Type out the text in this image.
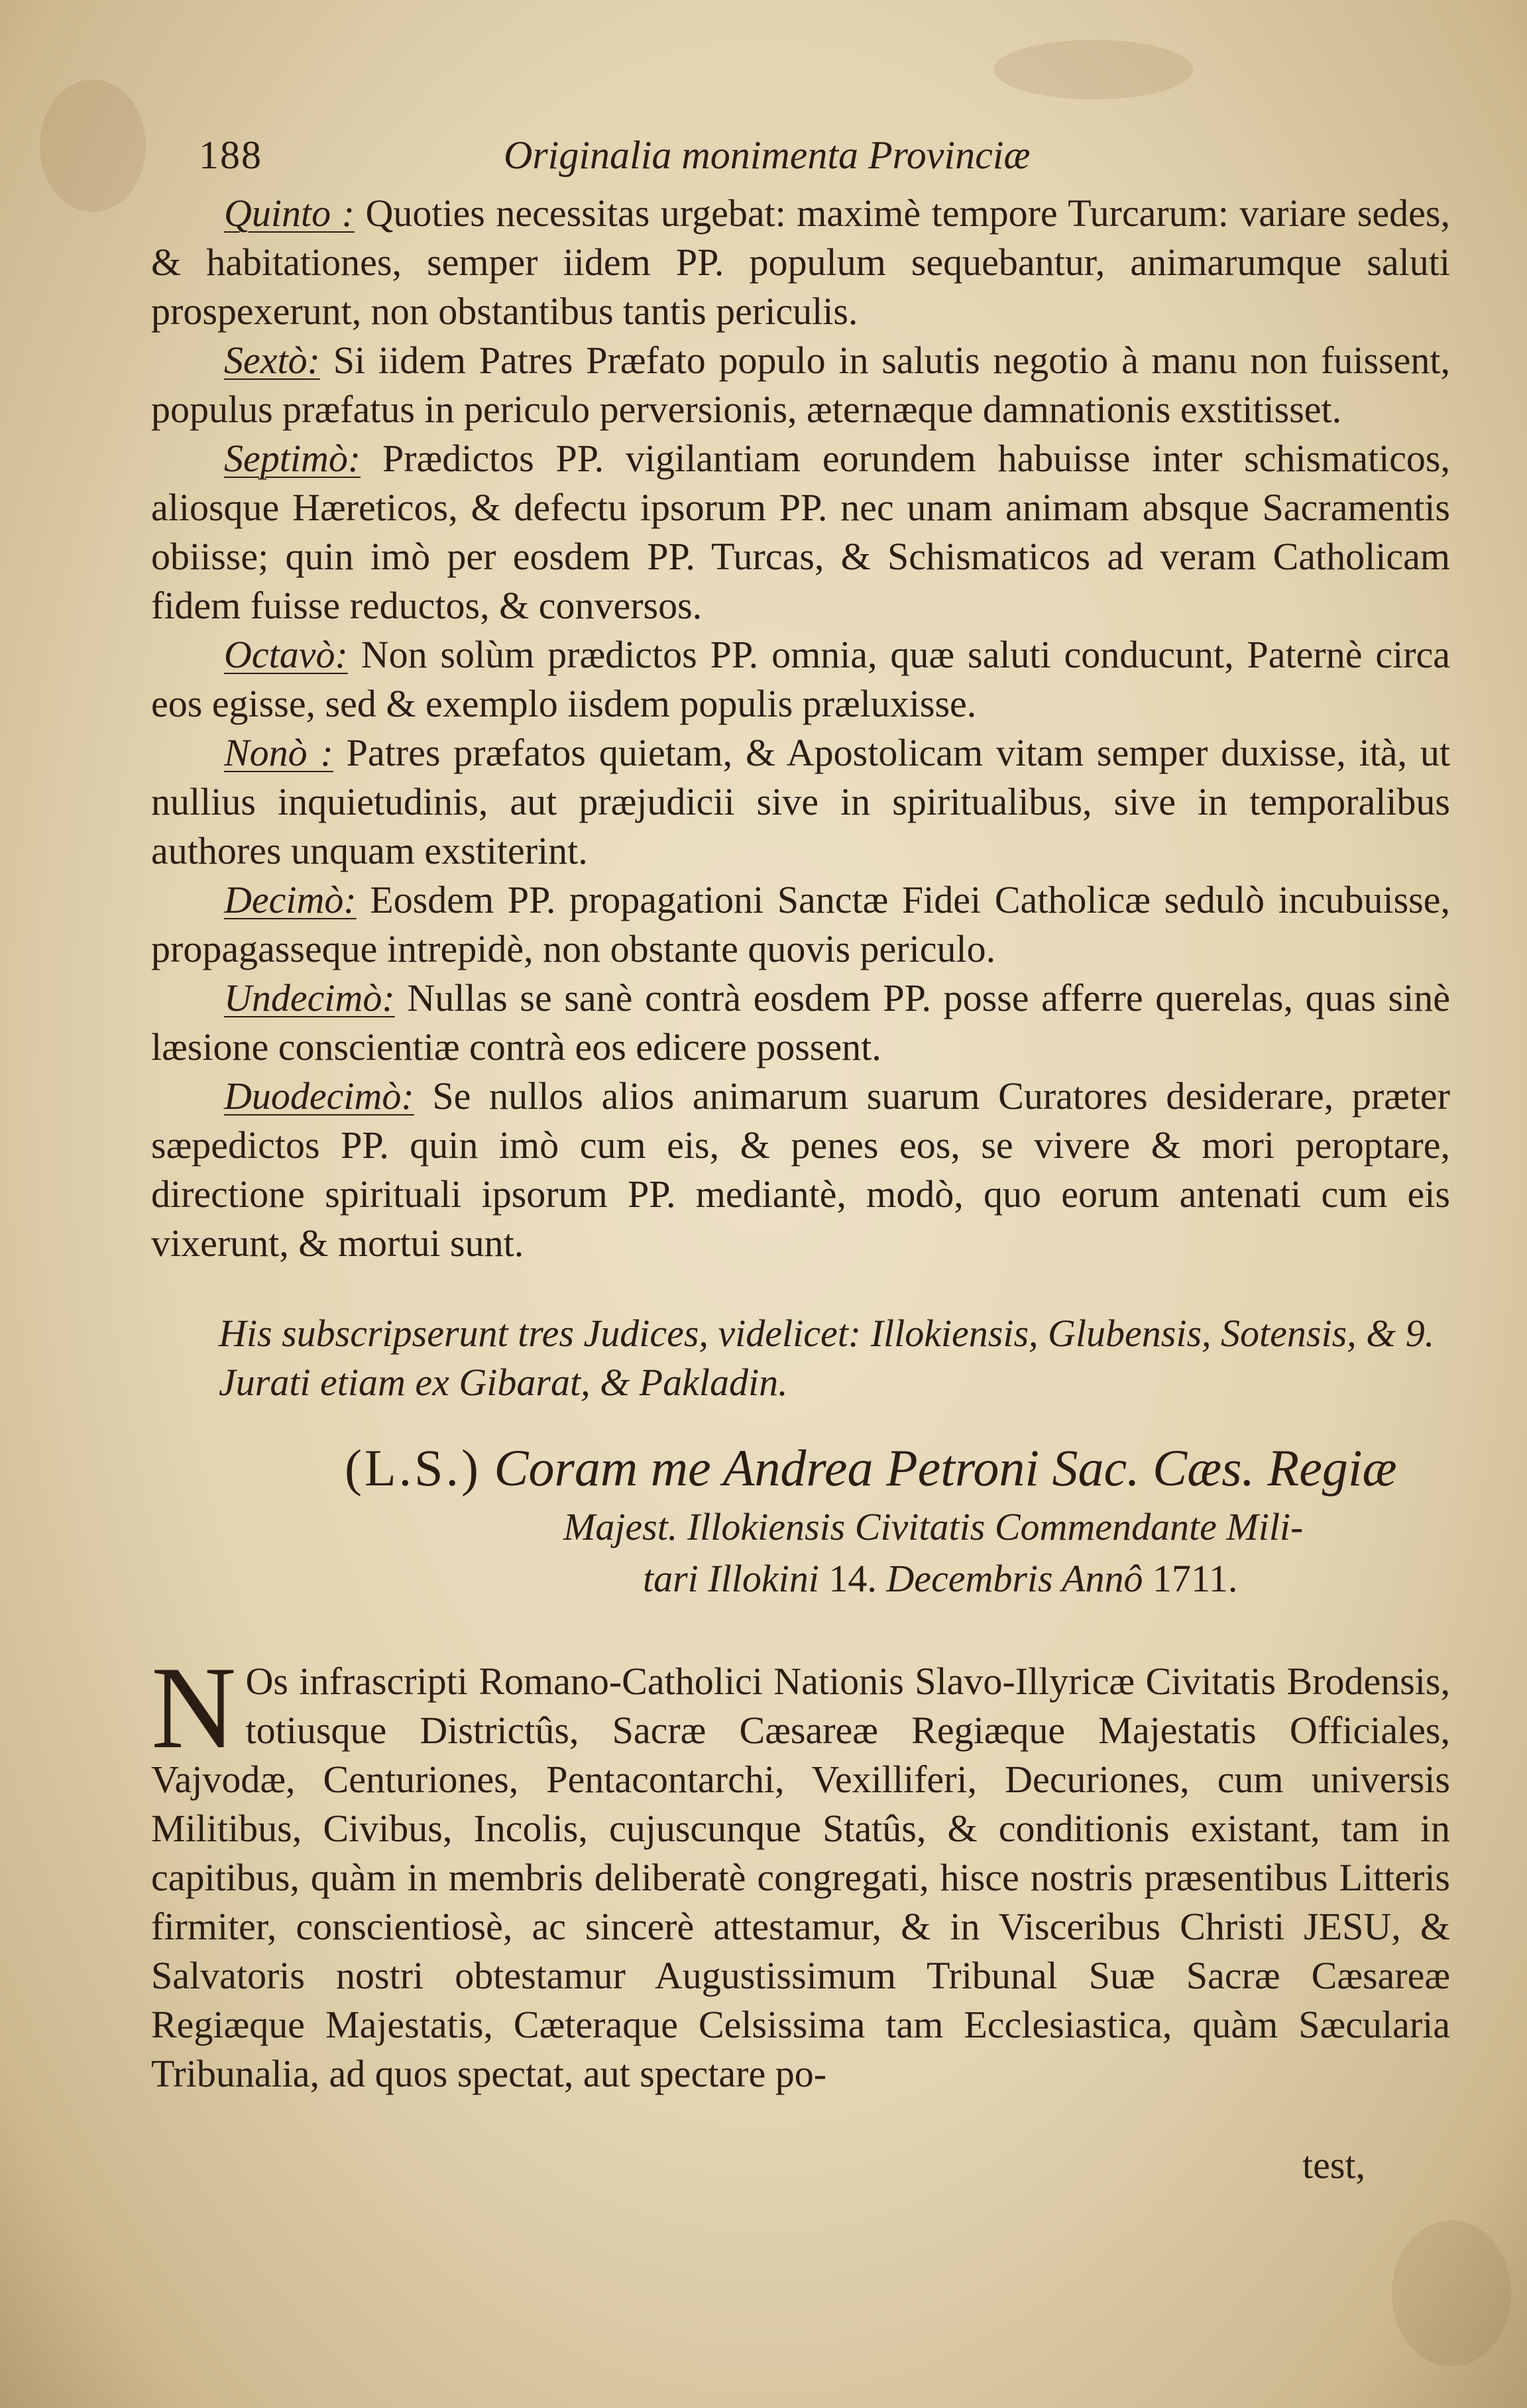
188	Originalia monimenta Provinciæ

Quinto : Quoties necessitas urgebat: maximè tempore Turcarum: variare sedes, & habitationes, semper iidem PP. populum sequebantur, animarumque saluti prospexerunt, non obstantibus tantis periculis.

Sextò: Si iidem Patres Præfato populo in salutis negotio à manu non fuissent, populus præfatus in periculo perversionis, æternæque damnationis exstitisset.

Septimò: Prædictos PP. vigilantiam eorundem habuisse inter schismaticos, aliosque Hæreticos, & defectu ipsorum PP. nec unam animam absque Sacramentis obiisse; quin imò per eosdem PP. Turcas, & Schismaticos ad veram Catholicam fidem fuisse reductos, & conversos.

Octavò: Non solùm prædictos PP. omnia, quæ saluti conducunt, Paternè circa eos egisse, sed & exemplo iisdem populis præluxisse.

Nonò : Patres præfatos quietam, & Apostolicam vitam semper duxisse, ità, ut nullius inquietudinis, aut præjudicii sive in spiritualibus, sive in temporalibus authores unquam exstiterint.

Decimò: Eosdem PP. propagationi Sanctæ Fidei Catholicæ sedulò incubuisse, propagasseque intrepidè, non obstante quovis periculo.

Undecimò: Nullas se sanè contrà eosdem PP. posse afferre querelas, quas sinè læsione conscientiæ contrà eos edicere possent.

Duodecimò: Se nullos alios animarum suarum Curatores desiderare, præter sæpedictos PP. quin imò cum eis, & penes eos, se vivere & mori peroptare, directione spirituali ipsorum PP. mediantè, modò, quo eorum antenati cum eis vixerunt, & mortui sunt.

His subscripserunt tres Judices, videlicet: Illokiensis, Glubensis, Sotensis, & 9. Jurati etiam ex Gibarat, & Pakladin.
(L.S.) Coram me Andrea Petroni Sac. Cæs. Regiæ
Majest. Illokiensis Civitatis Commendante Mili-
tari Illokini 14. Decembris Annô 1711.
N Os infrascripti Romano-Catholici Nationis Slavo-Illyricæ Civitatis Brodensis, totiusque Districtûs, Sacræ Cæsareæ Regiæque Majestatis Officiales, Vajvodæ, Centuriones, Pentacontarchi, Vexilliferi, Decuriones, cum universis Militibus, Civibus, Incolis, cujuscunque Statûs, & conditionis existant, tam in capitibus, quàm in membris deliberatè congregati, hisce nostris præsentibus Litteris firmiter, conscientiosè, ac sincerè attestamur, & in Visceribus Christi JESU, & Salvatoris nostri obtestamur Augustissimum Tribunal Suæ Sacræ Cæsareæ Regiæque Majestatis, Cæteraque Celsissima tam Ecclesiastica, quàm Sæcularia Tribunalia, ad quos spectat, aut spectare po-
test,
